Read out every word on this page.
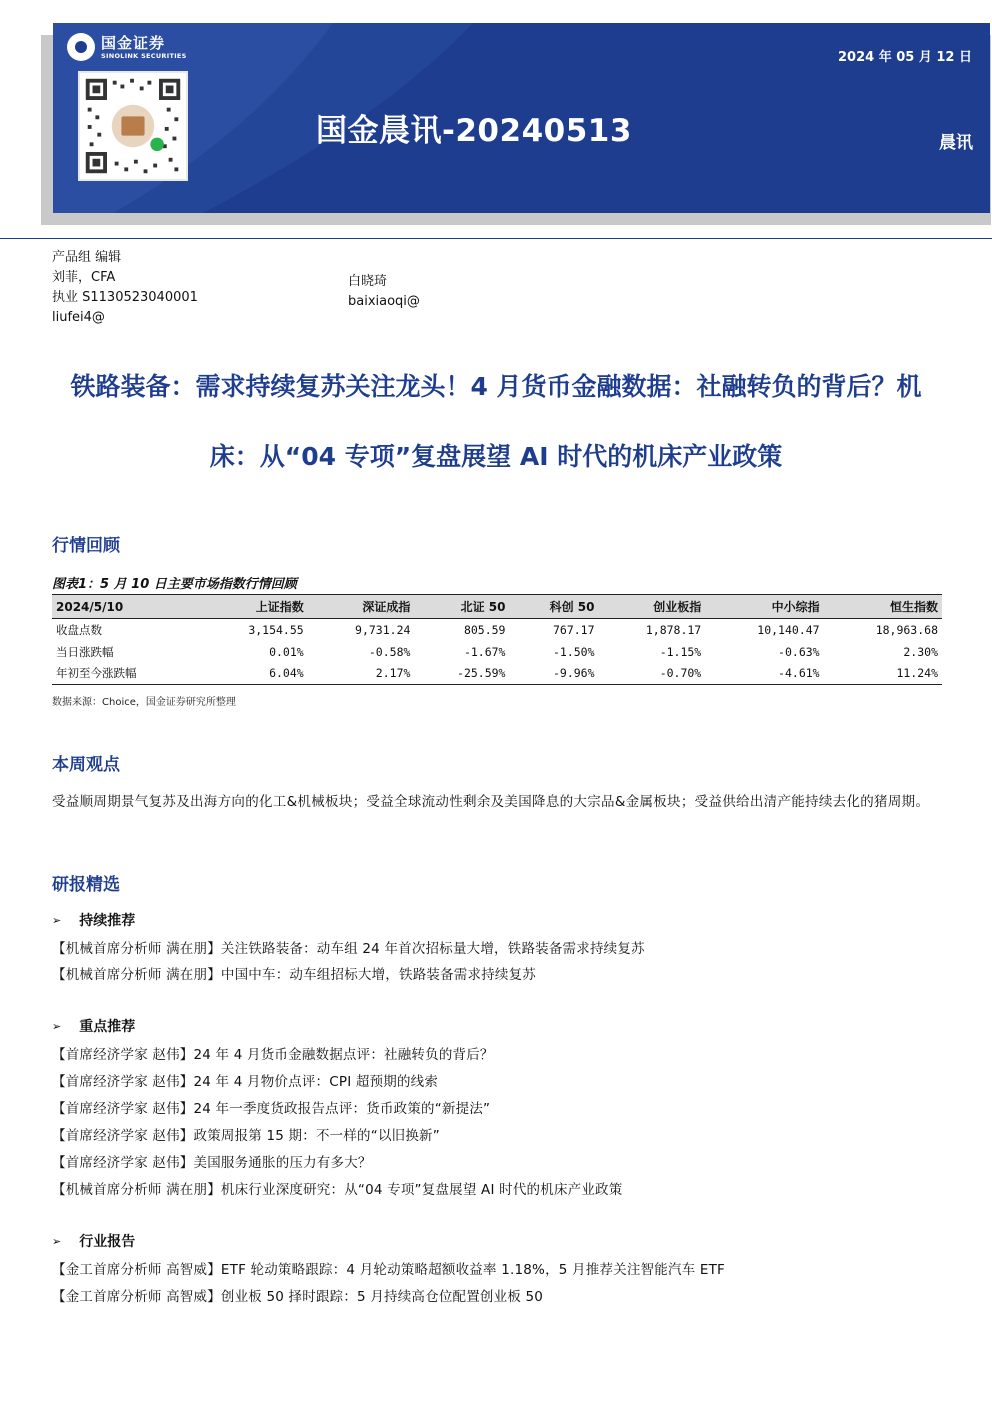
国金证券
SINOLINK SECURITIES	2024 年 05 月 12 日
国金晨讯-20240513	晨讯
产品组 编辑
刘菲，CFA
执业 S1130523040001
liufei4@
白晓琦
baixiaoqi@
铁路装备：需求持续复苏关注龙头！4 月货币金融数据：社融转负的背后？机床：从“04 专项”复盘展望 AI 时代的机床产业政策
行情回顾
图表1：5 月 10 日主要市场指数行情回顾
2024/5/10	上证指数	深证成指	北证 50	科创 50	创业板指	中小综指	恒生指数
收盘点数	3,154.55	9,731.24	805.59	767.17	1,878.17	10,140.47	18,963.68
当日涨跌幅	0.01%	-0.58%	-1.67%	-1.50%	-1.15%	-0.63%	2.30%
年初至今涨跌幅	6.04%	2.17%	-25.59%	-9.96%	-0.70%	-4.61%	11.24%
数据来源：Choice，国金证券研究所整理
本周观点
受益顺周期景气复苏及出海方向的化工&机械板块；受益全球流动性剩余及美国降息的大宗品&金属板块；受益供给出清产能持续去化的猪周期。
研报精选
➢ 持续推荐
【机械首席分析师 满在朋】关注铁路装备：动车组 24 年首次招标量大增，铁路装备需求持续复苏
【机械首席分析师 满在朋】中国中车：动车组招标大增，铁路装备需求持续复苏
➢ 重点推荐
【首席经济学家 赵伟】24 年 4 月货币金融数据点评：社融转负的背后？
【首席经济学家 赵伟】24 年 4 月物价点评：CPI 超预期的线索
【首席经济学家 赵伟】24 年一季度货政报告点评：货币政策的“新提法”
【首席经济学家 赵伟】政策周报第 15 期：不一样的“以旧换新”
【首席经济学家 赵伟】美国服务通胀的压力有多大？
【机械首席分析师 满在朋】机床行业深度研究：从“04 专项”复盘展望 AI 时代的机床产业政策
➢ 行业报告
【金工首席分析师 高智威】ETF 轮动策略跟踪：4 月轮动策略超额收益率 1.18%，5 月推荐关注智能汽车 ETF
【金工首席分析师 高智威】创业板 50 择时跟踪：5 月持续高仓位配置创业板 50
